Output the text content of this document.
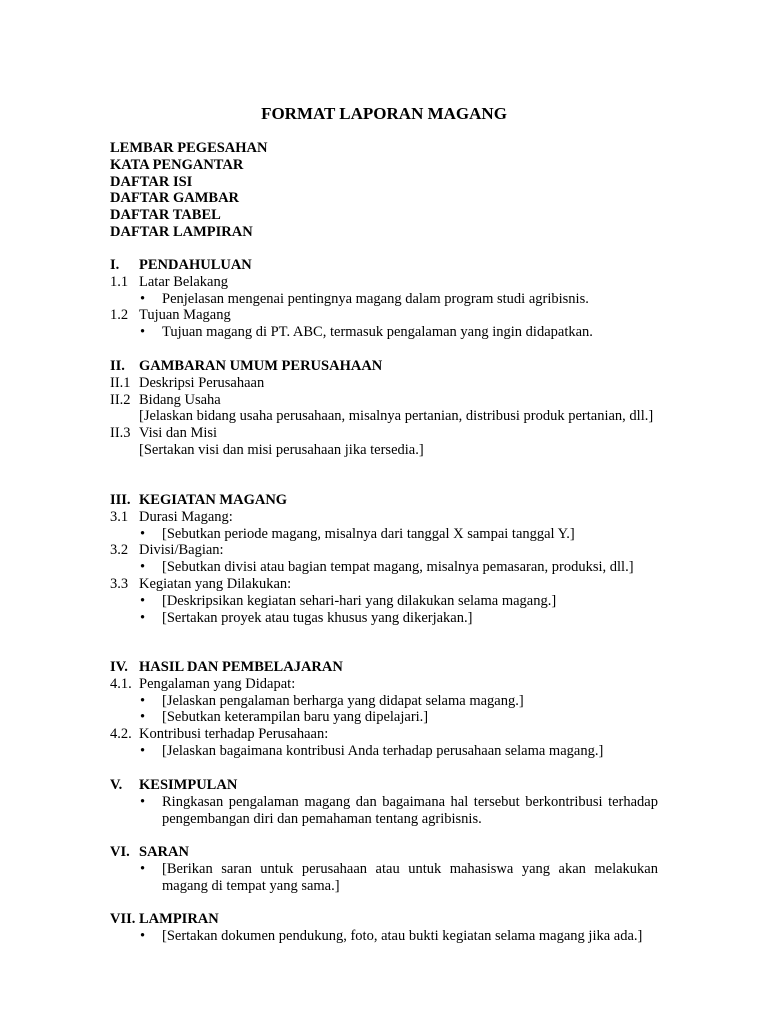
FORMAT LAPORAN MAGANG
LEMBAR PEGESAHAN
KATA PENGANTAR
DAFTAR ISI
DAFTAR GAMBAR
DAFTAR TABEL
DAFTAR LAMPIRAN
I.	PENDAHULUAN
1.1 Latar Belakang
• Penjelasan mengenai pentingnya magang dalam program studi agribisnis.
1.2 Tujuan Magang
• Tujuan magang di PT. ABC, termasuk pengalaman yang ingin didapatkan.
II. GAMBARAN UMUM PERUSAHAAN
II.1 Deskripsi Perusahaan
II.2 Bidang Usaha
[Jelaskan bidang usaha perusahaan, misalnya pertanian, distribusi produk pertanian, dll.]
II.3 Visi dan Misi
[Sertakan visi dan misi perusahaan jika tersedia.]
III. KEGIATAN MAGANG
3.1 Durasi Magang:
• [Sebutkan periode magang, misalnya dari tanggal X sampai tanggal Y.]
3.2 Divisi/Bagian:
• [Sebutkan divisi atau bagian tempat magang, misalnya pemasaran, produksi, dll.]
3.3 Kegiatan yang Dilakukan:
• [Deskripsikan kegiatan sehari-hari yang dilakukan selama magang.]
• [Sertakan proyek atau tugas khusus yang dikerjakan.]
IV. HASIL DAN PEMBELAJARAN
4.1. Pengalaman yang Didapat:
• [Jelaskan pengalaman berharga yang didapat selama magang.]
• [Sebutkan keterampilan baru yang dipelajari.]
4.2. Kontribusi terhadap Perusahaan:
• [Jelaskan bagaimana kontribusi Anda terhadap perusahaan selama magang.]
V.	KESIMPULAN
• Ringkasan pengalaman magang dan bagaimana hal tersebut berkontribusi terhadap pengembangan diri dan pemahaman tentang agribisnis.
VI. SARAN
• [Berikan saran untuk perusahaan atau untuk mahasiswa yang akan melakukan magang di tempat yang sama.]
VII. LAMPIRAN
• [Sertakan dokumen pendukung, foto, atau bukti kegiatan selama magang jika ada.]
